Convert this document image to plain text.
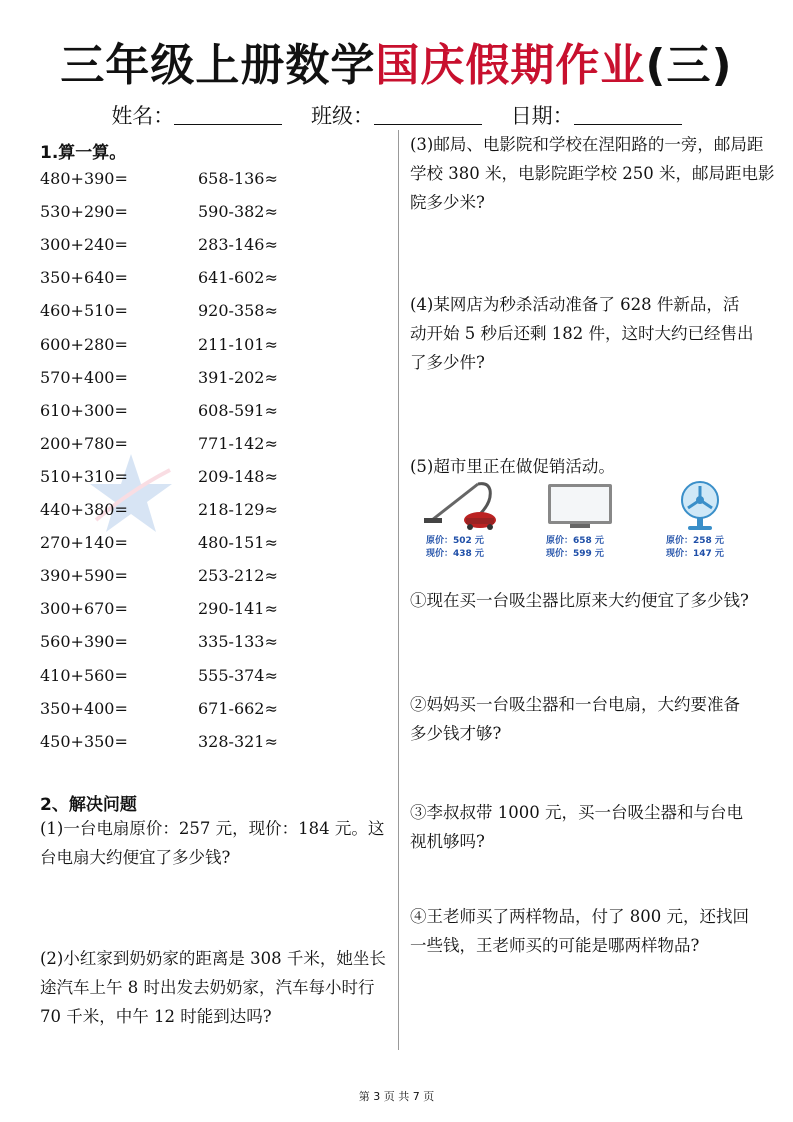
三年级上册数学国庆假期作业(三)
姓名：	班级：	日期：
1.算一算。
480+390=	658-136≈
530+290=	590-382≈
300+240=	283-146≈
350+640=	641-602≈
460+510=	920-358≈
600+280=	211-101≈
570+400=	391-202≈
610+300=	608-591≈
200+780=	771-142≈
510+310=	209-148≈
440+380=	218-129≈
270+140=	480-151≈
390+590=	253-212≈
300+670=	290-141≈
560+390=	335-133≈
410+560=	555-374≈
350+400=	671-662≈
450+350=	328-321≈
2、解决问题
(1)一台电扇原价：257 元，现价：184 元。这台电扇大约便宜了多少钱?
(2)小红家到奶奶家的距离是 308 千米，她坐长途汽车上午 8 时出发去奶奶家，汽车每小时行 70 千米，中午 12 时能到达吗?
(3)邮局、电影院和学校在涅阳路的一旁，邮局距学校 380 米，电影院距学校 250 米，邮局距电影院多少米?
(4)某网店为秒杀活动准备了 628 件新品，活动开始 5 秒后还剩 182 件，这时大约已经售出了多少件?
(5)超市里正在做促销活动。
原价：502 元
现价：438 元
原价：658 元
现价：599 元
原价：258 元
现价：147 元
①现在买一台吸尘器比原来大约便宜了多少钱?
②妈妈买一台吸尘器和一台电扇，大约要准备多少钱才够?
③李叔叔带 1000 元，买一台吸尘器和与台电视机够吗?
④王老师买了两样物品，付了 800 元，还找回一些钱，王老师买的可能是哪两样物品?
第 3 页 共 7 页
